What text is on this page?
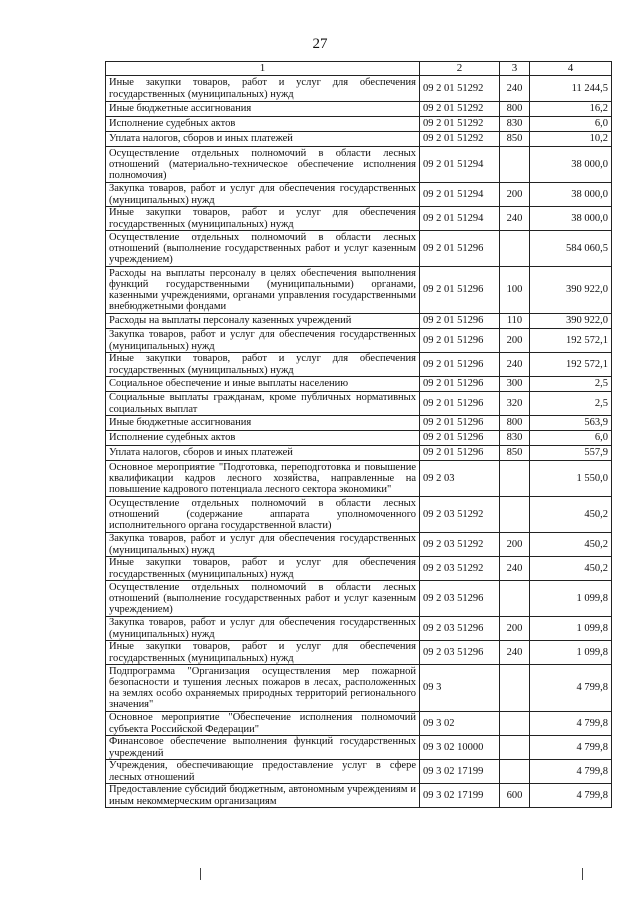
27
1	2	3	4
Иные закупки товаров, работ и услуг для обеспечения государственных (муниципальных) нужд	09 2 01 51292	240	11 244,5
Иные бюджетные ассигнования	09 2 01 51292	800	16,2
Исполнение судебных актов	09 2 01 51292	830	6,0
Уплата налогов, сборов и иных платежей	09 2 01 51292	850	10,2
Осуществление отдельных полномочий в области лесных отношений (материально-техническое обеспечение исполнения полномочия)	09 2 01 51294		38 000,0
Закупка товаров, работ и услуг для обеспечения государственных (муниципальных) нужд	09 2 01 51294	200	38 000,0
Иные закупки товаров, работ и услуг для обеспечения государственных (муниципальных) нужд	09 2 01 51294	240	38 000,0
Осуществление отдельных полномочий в области лесных отношений (выполнение государственных работ и услуг казенным учреждением)	09 2 01 51296		584 060,5
Расходы на выплаты персоналу в целях обеспечения выполнения функций государственными (муниципальными) органами, казенными учреждениями, органами управления государственными внебюджетными фондами	09 2 01 51296	100	390 922,0
Расходы на выплаты персоналу казенных учреждений	09 2 01 51296	110	390 922,0
Закупка товаров, работ и услуг для обеспечения государственных (муниципальных) нужд	09 2 01 51296	200	192 572,1
Иные закупки товаров, работ и услуг для обеспечения государственных (муниципальных) нужд	09 2 01 51296	240	192 572,1
Социальное обеспечение и иные выплаты населению	09 2 01 51296	300	2,5
Социальные выплаты гражданам, кроме публичных нормативных социальных выплат	09 2 01 51296	320	2,5
Иные бюджетные ассигнования	09 2 01 51296	800	563,9
Исполнение судебных актов	09 2 01 51296	830	6,0
Уплата налогов, сборов и иных платежей	09 2 01 51296	850	557,9
Основное мероприятие "Подготовка, переподготовка и повышение квалификации кадров лесного хозяйства, направленные на повышение кадрового потенциала лесного сектора экономики"	09 2 03		1 550,0
Осуществление отдельных полномочий в области лесных отношений (содержание аппарата уполномоченного исполнительного органа государственной власти)	09 2 03 51292		450,2
Закупка товаров, работ и услуг для обеспечения государственных (муниципальных) нужд	09 2 03 51292	200	450,2
Иные закупки товаров, работ и услуг для обеспечения государственных (муниципальных) нужд	09 2 03 51292	240	450,2
Осуществление отдельных полномочий в области лесных отношений (выполнение государственных работ и услуг казенным учреждением)	09 2 03 51296		1 099,8
Закупка товаров, работ и услуг для обеспечения государственных (муниципальных) нужд	09 2 03 51296	200	1 099,8
Иные закупки товаров, работ и услуг для обеспечения государственных (муниципальных) нужд	09 2 03 51296	240	1 099,8
Подпрограмма "Организация осуществления мер пожарной безопасности и тушения лесных пожаров в лесах, расположенных на землях особо охраняемых природных территорий регионального значения"	09 3		4 799,8
Основное мероприятие "Обеспечение исполнения полномочий субъекта Российской Федерации"	09 3 02		4 799,8
Финансовое обеспечение выполнения функций государственных учреждений	09 3 02 10000		4 799,8
Учреждения, обеспечивающие предоставление услуг в сфере лесных отношений	09 3 02 17199		4 799,8
Предоставление субсидий бюджетным, автономным учреждениям и иным некоммерческим организациям	09 3 02 17199	600	4 799,8
